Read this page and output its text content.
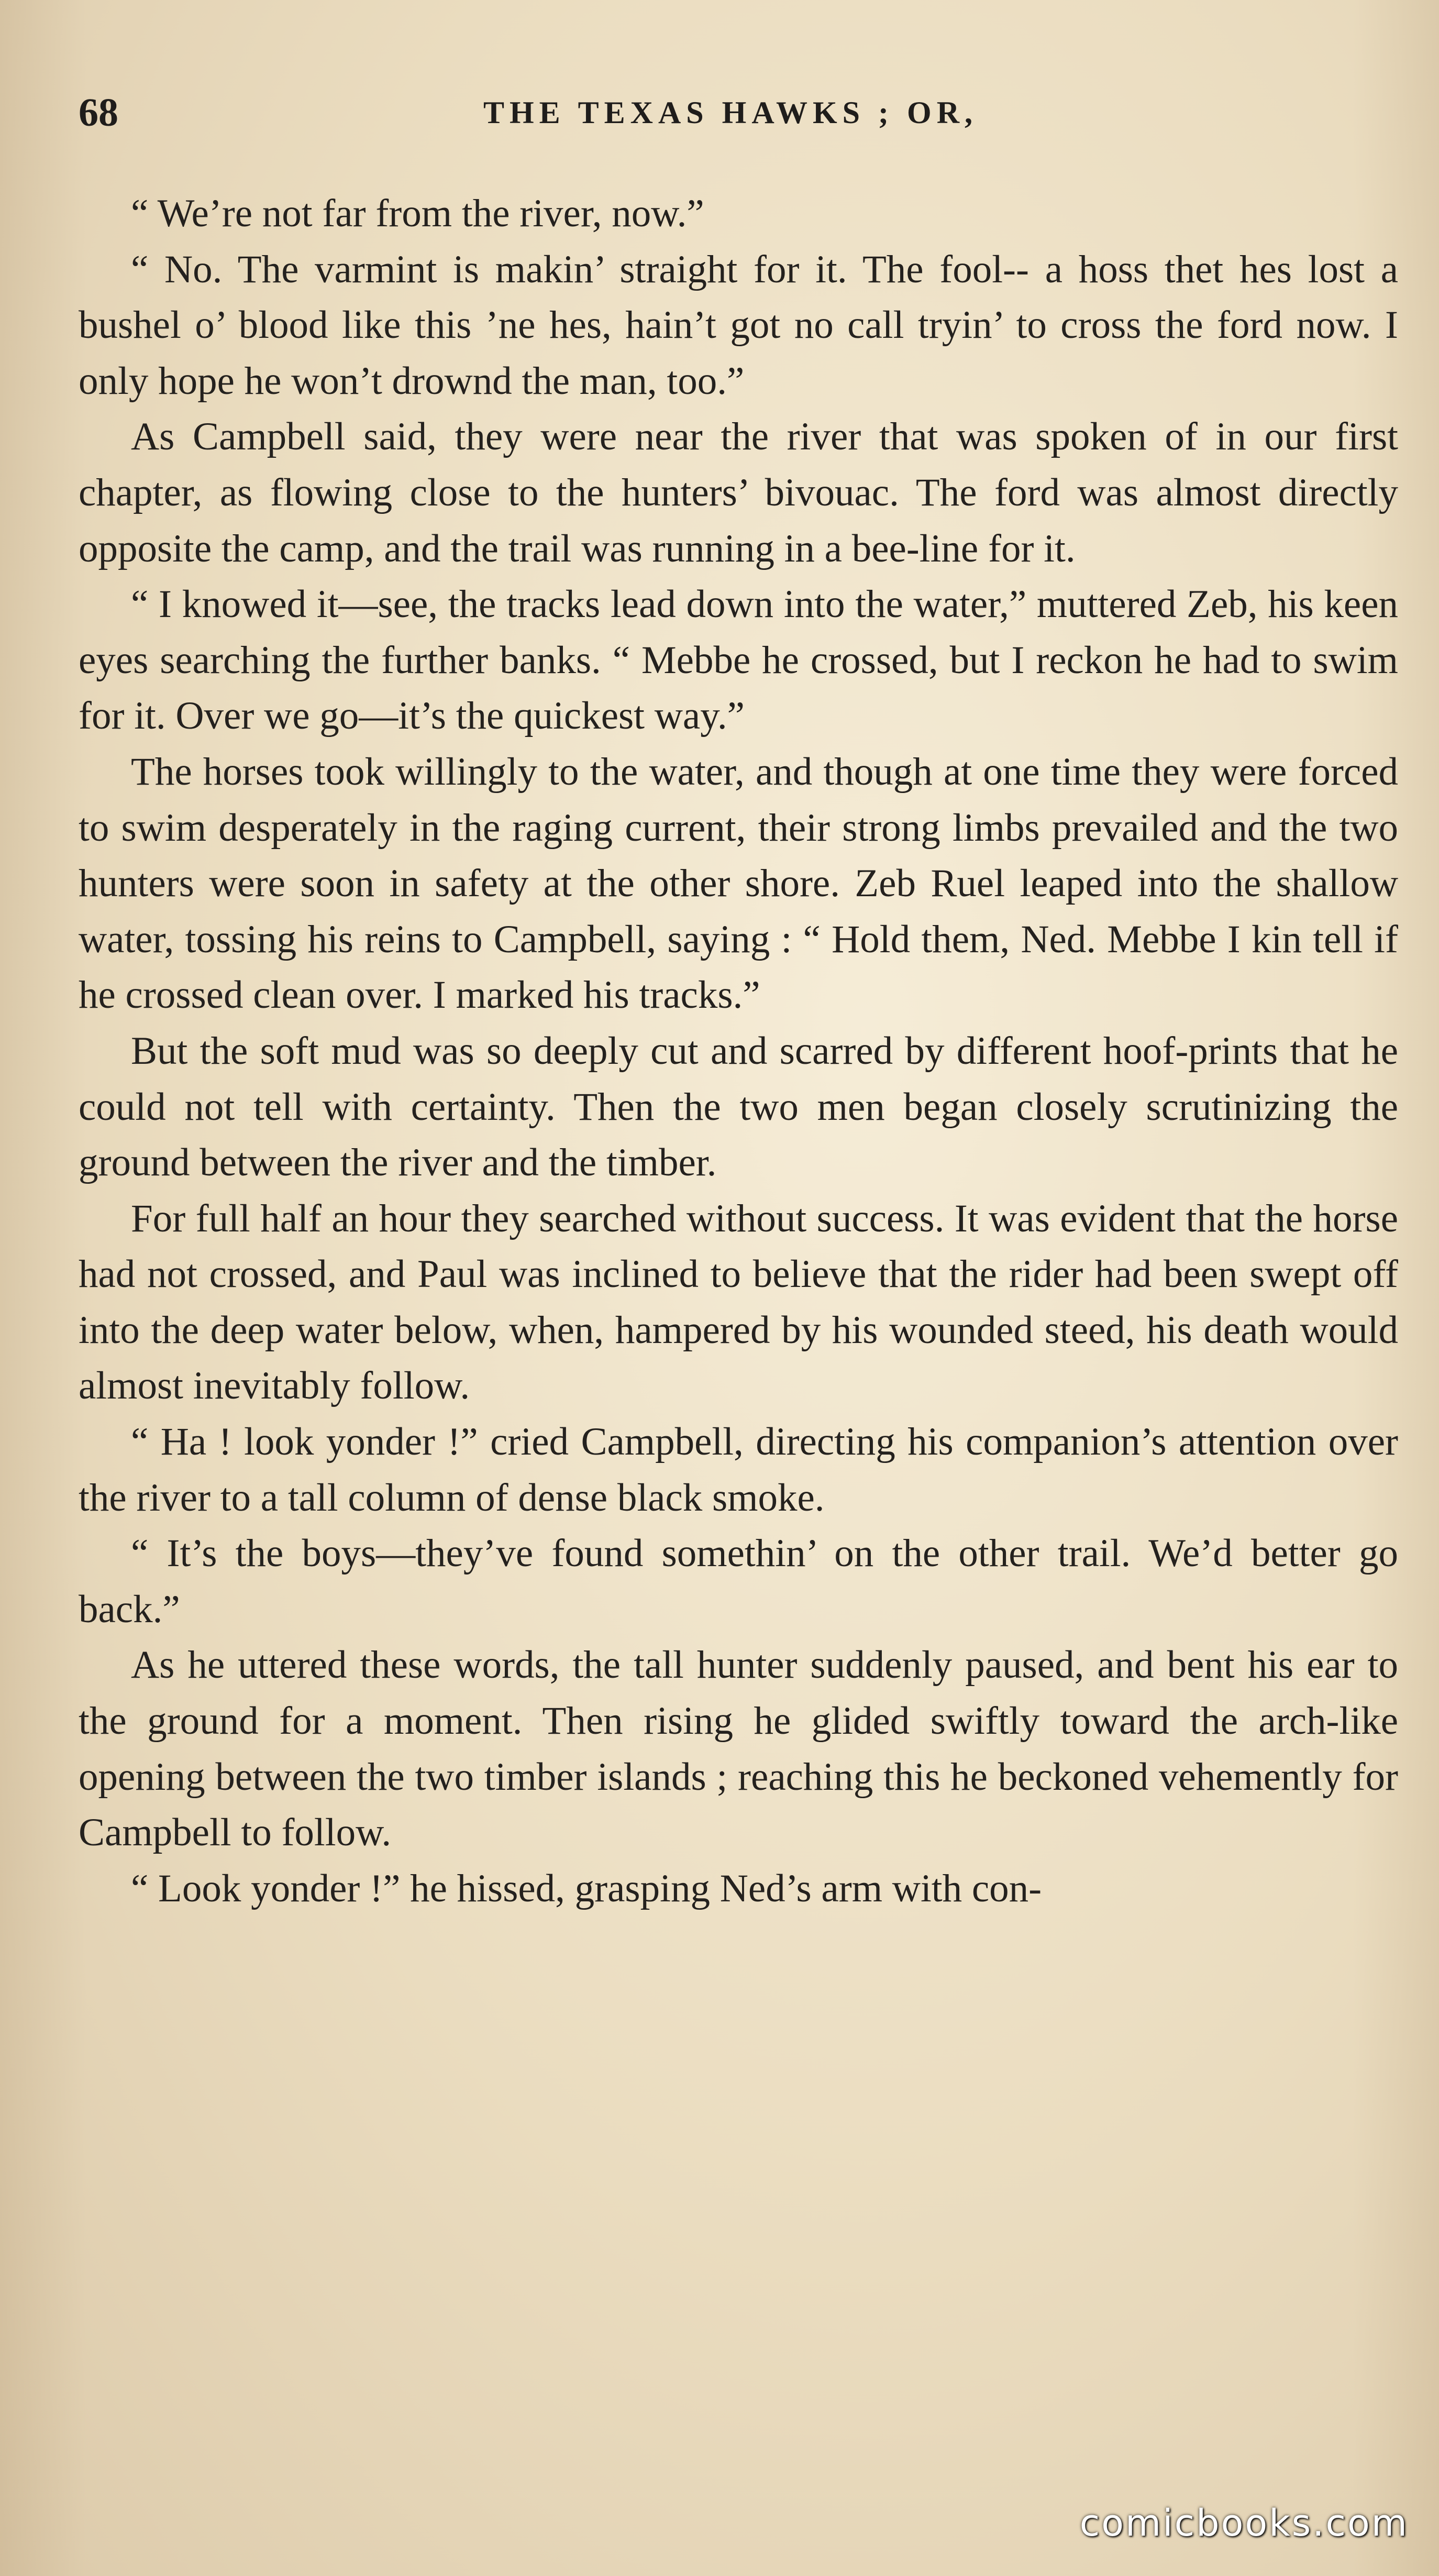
68	THE TEXAS HAWKS ; OR,

“ We’re not far from the river, now.”

“ No. The varmint is makin’ straight for it. The fool-- a hoss thet hes lost a bushel o’ blood like this ’ne hes, hain’t got no call tryin’ to cross the ford now. I only hope he won’t drownd the man, too.”

As Campbell said, they were near the river that was spoken of in our first chapter, as flowing close to the hunters’ bivouac. The ford was almost directly opposite the camp, and the trail was running in a bee-line for it.

“ I knowed it—see, the tracks lead down into the water,” muttered Zeb, his keen eyes searching the further banks. “ Mebbe he crossed, but I reckon he had to swim for it. Over we go—it’s the quickest way.”

The horses took willingly to the water, and though at one time they were forced to swim desperately in the raging current, their strong limbs prevailed and the two hunters were soon in safety at the other shore. Zeb Ruel leaped into the shallow water, tossing his reins to Campbell, saying : “ Hold them, Ned. Mebbe I kin tell if he crossed clean over. I marked his tracks.”

But the soft mud was so deeply cut and scarred by different hoof-prints that he could not tell with certainty. Then the two men began closely scrutinizing the ground between the river and the timber.

For full half an hour they searched without success. It was evident that the horse had not crossed, and Paul was inclined to believe that the rider had been swept off into the deep water below, when, hampered by his wounded steed, his death would almost inevitably follow.

“ Ha ! look yonder !” cried Campbell, directing his companion’s attention over the river to a tall column of dense black smoke.

“ It’s the boys—they’ve found somethin’ on the other trail. We’d better go back.”

As he uttered these words, the tall hunter suddenly paused, and bent his ear to the ground for a moment. Then rising he glided swiftly toward the arch-like opening between the two timber islands ; reaching this he beckoned vehemently for Campbell to follow.

“ Look yonder !” he hissed, grasping Ned’s arm with con-

comicbooks.com
